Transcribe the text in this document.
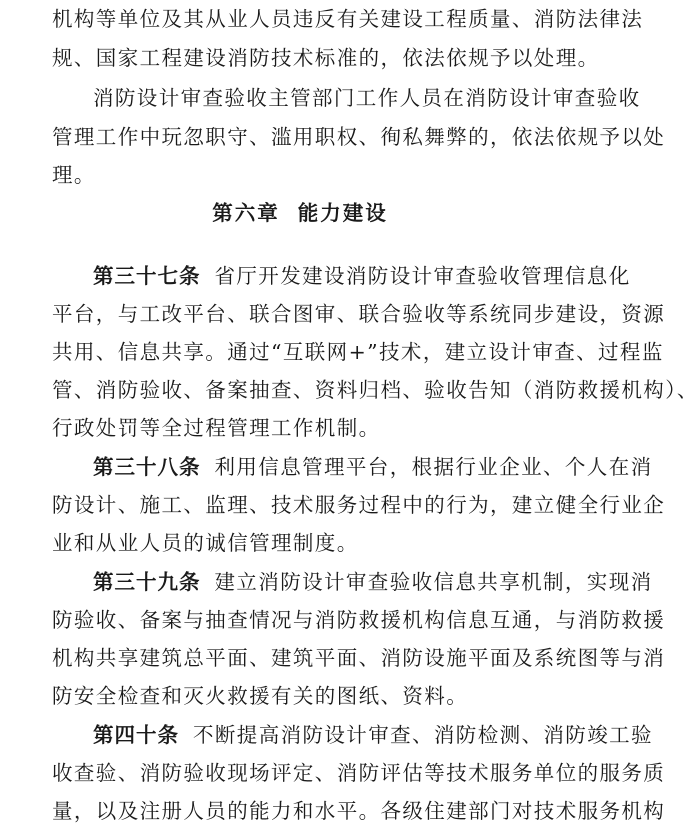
机构等单位及其从业人员违反有关建设工程质量、消防法律法
规、国家工程建设消防技术标准的，依法依规予以处理。
消防设计审查验收主管部门工作人员在消防设计审查验收
管理工作中玩忽职守、滥用职权、徇私舞弊的，依法依规予以处
理。
第六章 能力建设
第三十七条 省厅开发建设消防设计审查验收管理信息化
平台，与工改平台、联合图审、联合验收等系统同步建设，资源
共用、信息共享。通过“互联网+”技术，建立设计审查、过程监
管、消防验收、备案抽查、资料归档、验收告知（消防救援机构）、
行政处罚等全过程管理工作机制。
第三十八条 利用信息管理平台，根据行业企业、个人在消
防设计、施工、监理、技术服务过程中的行为，建立健全行业企
业和从业人员的诚信管理制度。
第三十九条 建立消防设计审查验收信息共享机制，实现消
防验收、备案与抽查情况与消防救援机构信息互通，与消防救援
机构共享建筑总平面、建筑平面、消防设施平面及系统图等与消
防安全检查和灭火救援有关的图纸、资料。
第四十条 不断提高消防设计审查、消防检测、消防竣工验
收查验、消防验收现场评定、消防评估等技术服务单位的服务质
量，以及注册人员的能力和水平。各级住建部门对技术服务机构
